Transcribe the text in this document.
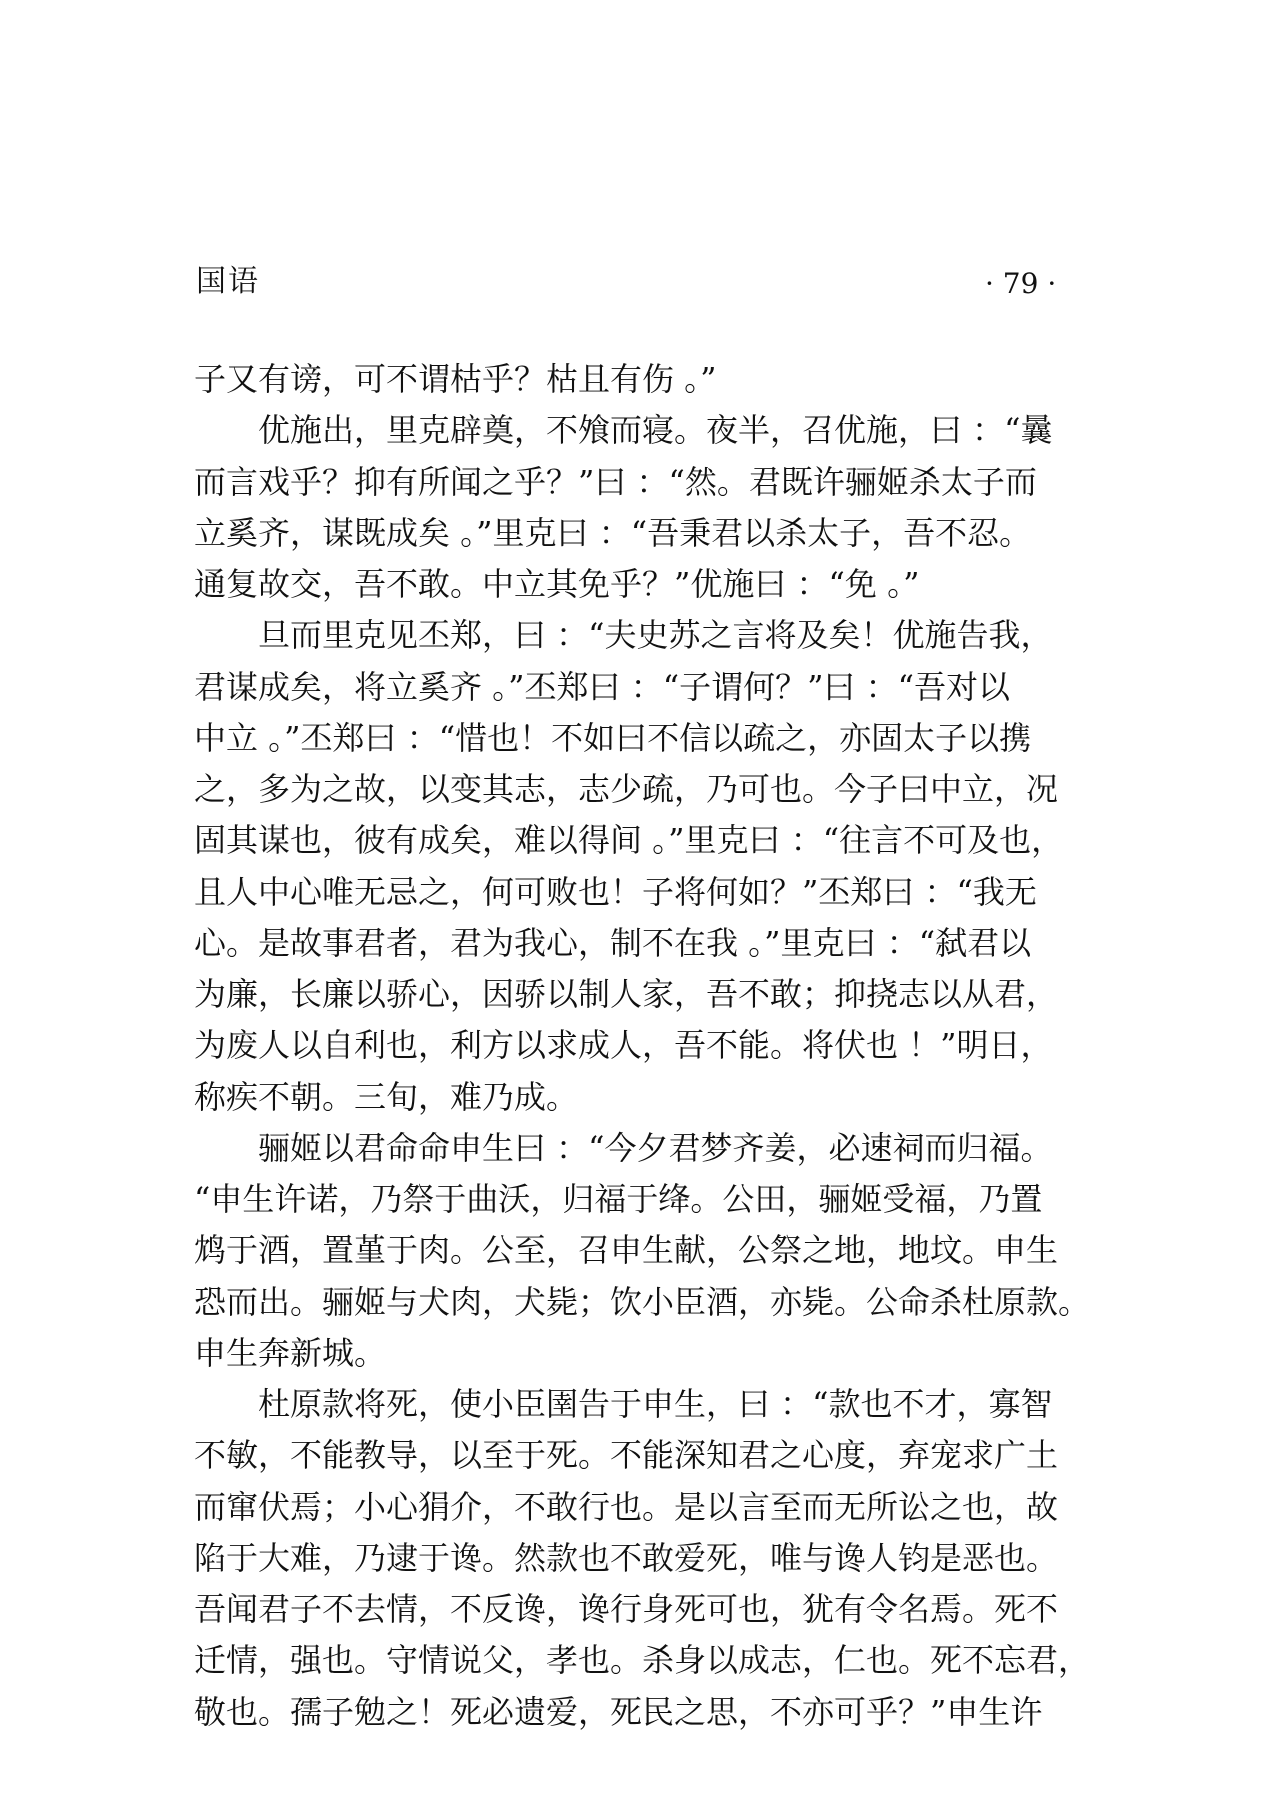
国语	· 79 ·
子又有谤，可不谓枯乎？枯且有伤 。”
优施出，里克辟奠，不飧而寝。夜半，召优施，曰 ：“曩
而言戏乎？抑有所闻之乎？”曰 ：“然。君既许骊姬杀太子而
立奚齐，谋既成矣 。”里克曰 ：“吾秉君以杀太子，吾不忍。
通复故交，吾不敢。中立其免乎？”优施曰 ：“免 。”
旦而里克见丕郑，曰 ：“夫史苏之言将及矣！优施告我，
君谋成矣，将立奚齐 。”丕郑曰 ：“子谓何？”曰 ：“吾对以
中立 。”丕郑曰 ：“惜也！不如曰不信以疏之，亦固太子以携
之，多为之故，以变其志，志少疏，乃可也。今子曰中立，况
固其谋也，彼有成矣，难以得间 。”里克曰 ：“往言不可及也，
且人中心唯无忌之，何可败也！子将何如？”丕郑曰 ：“我无
心。是故事君者，君为我心，制不在我 。”里克曰 ：“弑君以
为廉，长廉以骄心，因骄以制人家，吾不敢；抑挠志以从君，
为废人以自利也，利方以求成人，吾不能。将伏也 ！”明日，
称疾不朝。三旬，难乃成。
骊姬以君命命申生曰 ：“今夕君梦齐姜，必速祠而归福。
“申生许诺，乃祭于曲沃，归福于绛。公田，骊姬受福，乃置
鸩于酒，置堇于肉。公至，召申生献，公祭之地，地坟。申生
恐而出。骊姬与犬肉，犬毙；饮小臣酒，亦毙。公命杀杜原款。
申生奔新城。
杜原款将死，使小臣圉告于申生，曰 ：“款也不才，寡智
不敏，不能教导，以至于死。不能深知君之心度，弃宠求广土
而窜伏焉；小心狷介，不敢行也。是以言至而无所讼之也，故
陷于大难，乃逮于谗。然款也不敢爱死，唯与谗人钧是恶也。
吾闻君子不去情，不反谗，谗行身死可也，犹有令名焉。死不
迁情，强也。守情说父，孝也。杀身以成志，仁也。死不忘君，
敬也。孺子勉之！死必遗爱，死民之思，不亦可乎？”申生许
